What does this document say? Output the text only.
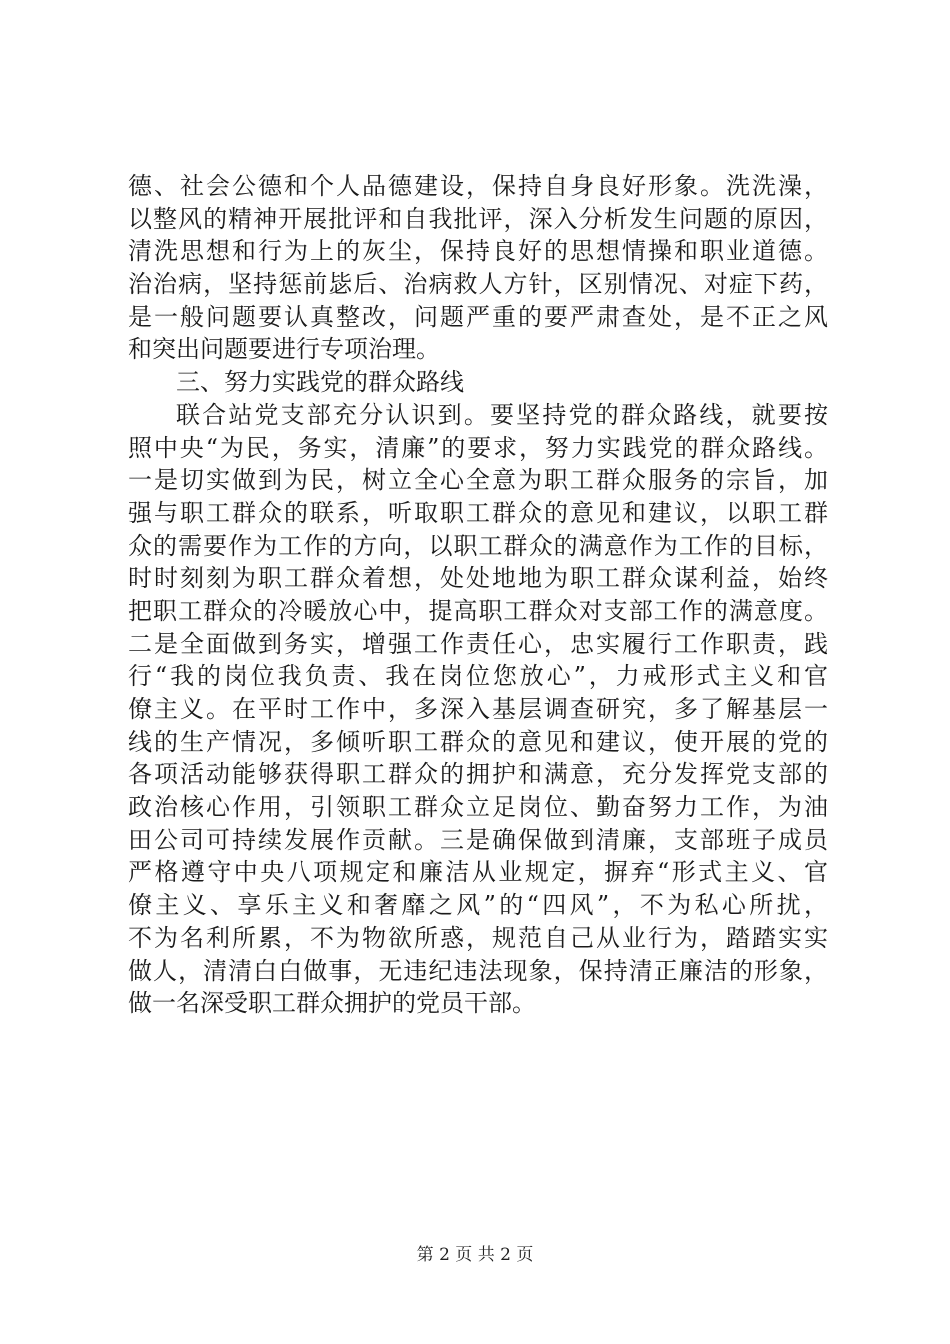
德、社会公德和个人品德建设，保持自身良好形象。洗洗澡，
以整风的精神开展批评和自我批评，深入分析发生问题的原因，
清洗思想和行为上的灰尘，保持良好的思想情操和职业道德。
治治病，坚持惩前毖后、治病救人方针，区别情况、对症下药，
是一般问题要认真整改，问题严重的要严肃查处，是不正之风
和突出问题要进行专项治理。
三、努力实践党的群众路线
联合站党支部充分认识到。要坚持党的群众路线，就要按
照中央“为民，务实，清廉”的要求，努力实践党的群众路线。
一是切实做到为民，树立全心全意为职工群众服务的宗旨，加
强与职工群众的联系，听取职工群众的意见和建议，以职工群
众的需要作为工作的方向，以职工群众的满意作为工作的目标，
时时刻刻为职工群众着想，处处地地为职工群众谋利益，始终
把职工群众的冷暖放心中，提高职工群众对支部工作的满意度。
二是全面做到务实，增强工作责任心，忠实履行工作职责，践
行“我的岗位我负责、我在岗位您放心”，力戒形式主义和官
僚主义。在平时工作中，多深入基层调查研究，多了解基层一
线的生产情况，多倾听职工群众的意见和建议，使开展的党的
各项活动能够获得职工群众的拥护和满意，充分发挥党支部的
政治核心作用，引领职工群众立足岗位、勤奋努力工作，为油
田公司可持续发展作贡献。三是确保做到清廉，支部班子成员
严格遵守中央八项规定和廉洁从业规定，摒弃“形式主义、官
僚主义、享乐主义和奢靡之风”的“四风”，不为私心所扰，
不为名利所累，不为物欲所惑，规范自己从业行为，踏踏实实
做人，清清白白做事，无违纪违法现象，保持清正廉洁的形象，
做一名深受职工群众拥护的党员干部。
第 2 页 共 2 页
